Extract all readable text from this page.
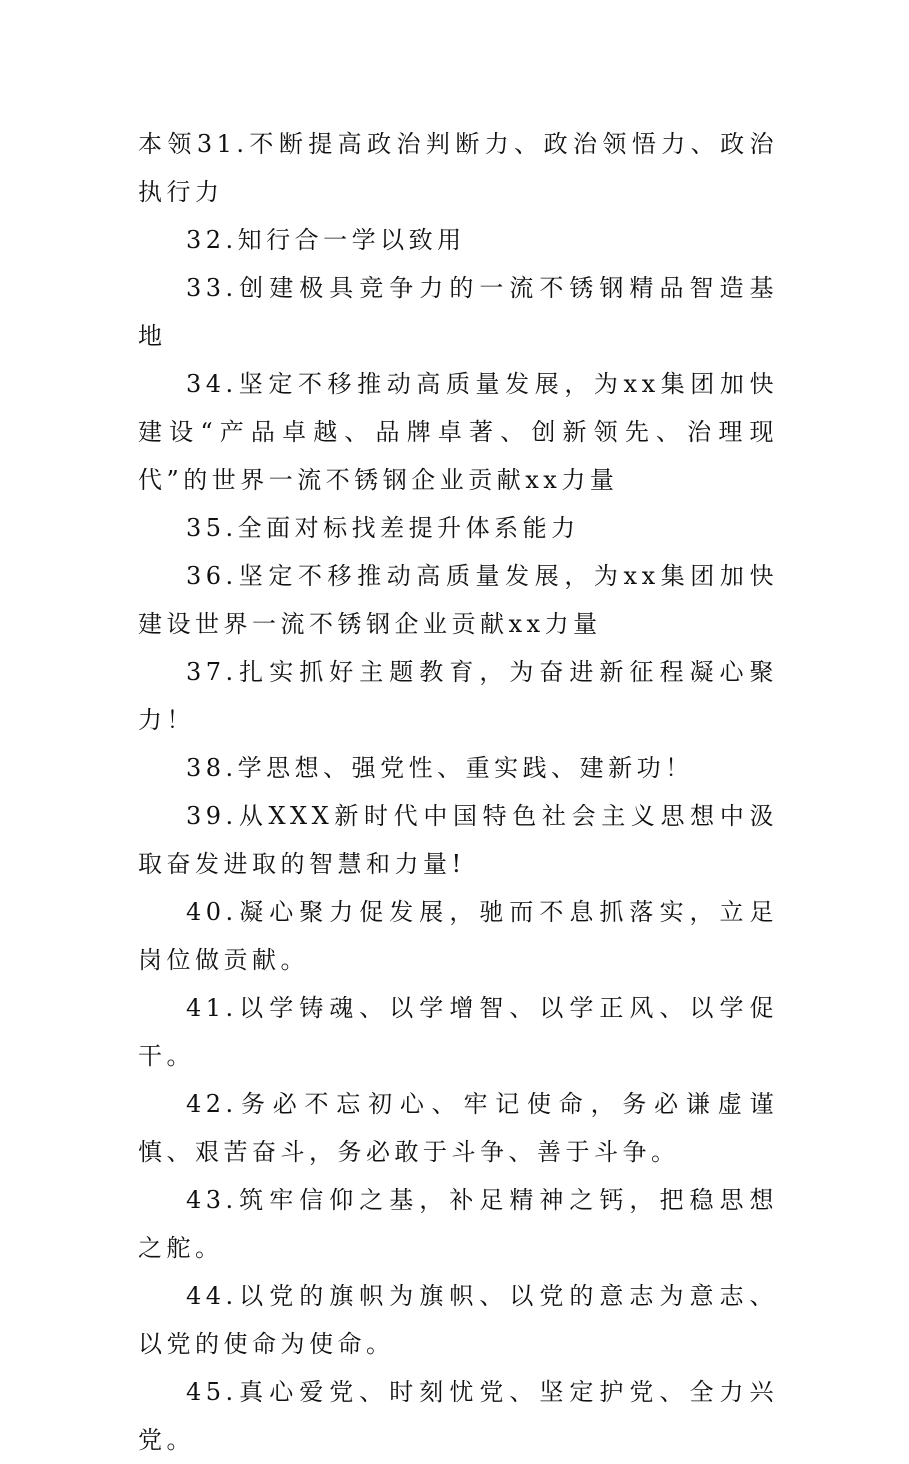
本领31.不断提高政治判断力、政治领悟力、政治执行力

32.知行合一学以致用

33.创建极具竞争力的一流不锈钢精品智造基地

34.坚定不移推动高质量发展，为xx集团加快建设“产品卓越、品牌卓著、创新领先、治理现代”的世界一流不锈钢企业贡献xx力量

35.全面对标找差提升体系能力

36.坚定不移推动高质量发展，为xx集团加快建设世界一流不锈钢企业贡献xx力量

37.扎实抓好主题教育，为奋进新征程凝心聚力！

38.学思想、强党性、重实践、建新功！

39.从XXX新时代中国特色社会主义思想中汲取奋发进取的智慧和力量!

40.凝心聚力促发展，驰而不息抓落实，立足岗位做贡献。

41.以学铸魂、以学增智、以学正风、以学促干。

42.务必不忘初心、牢记使命，务必谦虚谨慎、艰苦奋斗，务必敢于斗争、善于斗争。

43.筑牢信仰之基，补足精神之钙，把稳思想之舵。

44.以党的旗帜为旗帜、以党的意志为意志、以党的使命为使命。

45.真心爱党、时刻忧党、坚定护党、全力兴党。
